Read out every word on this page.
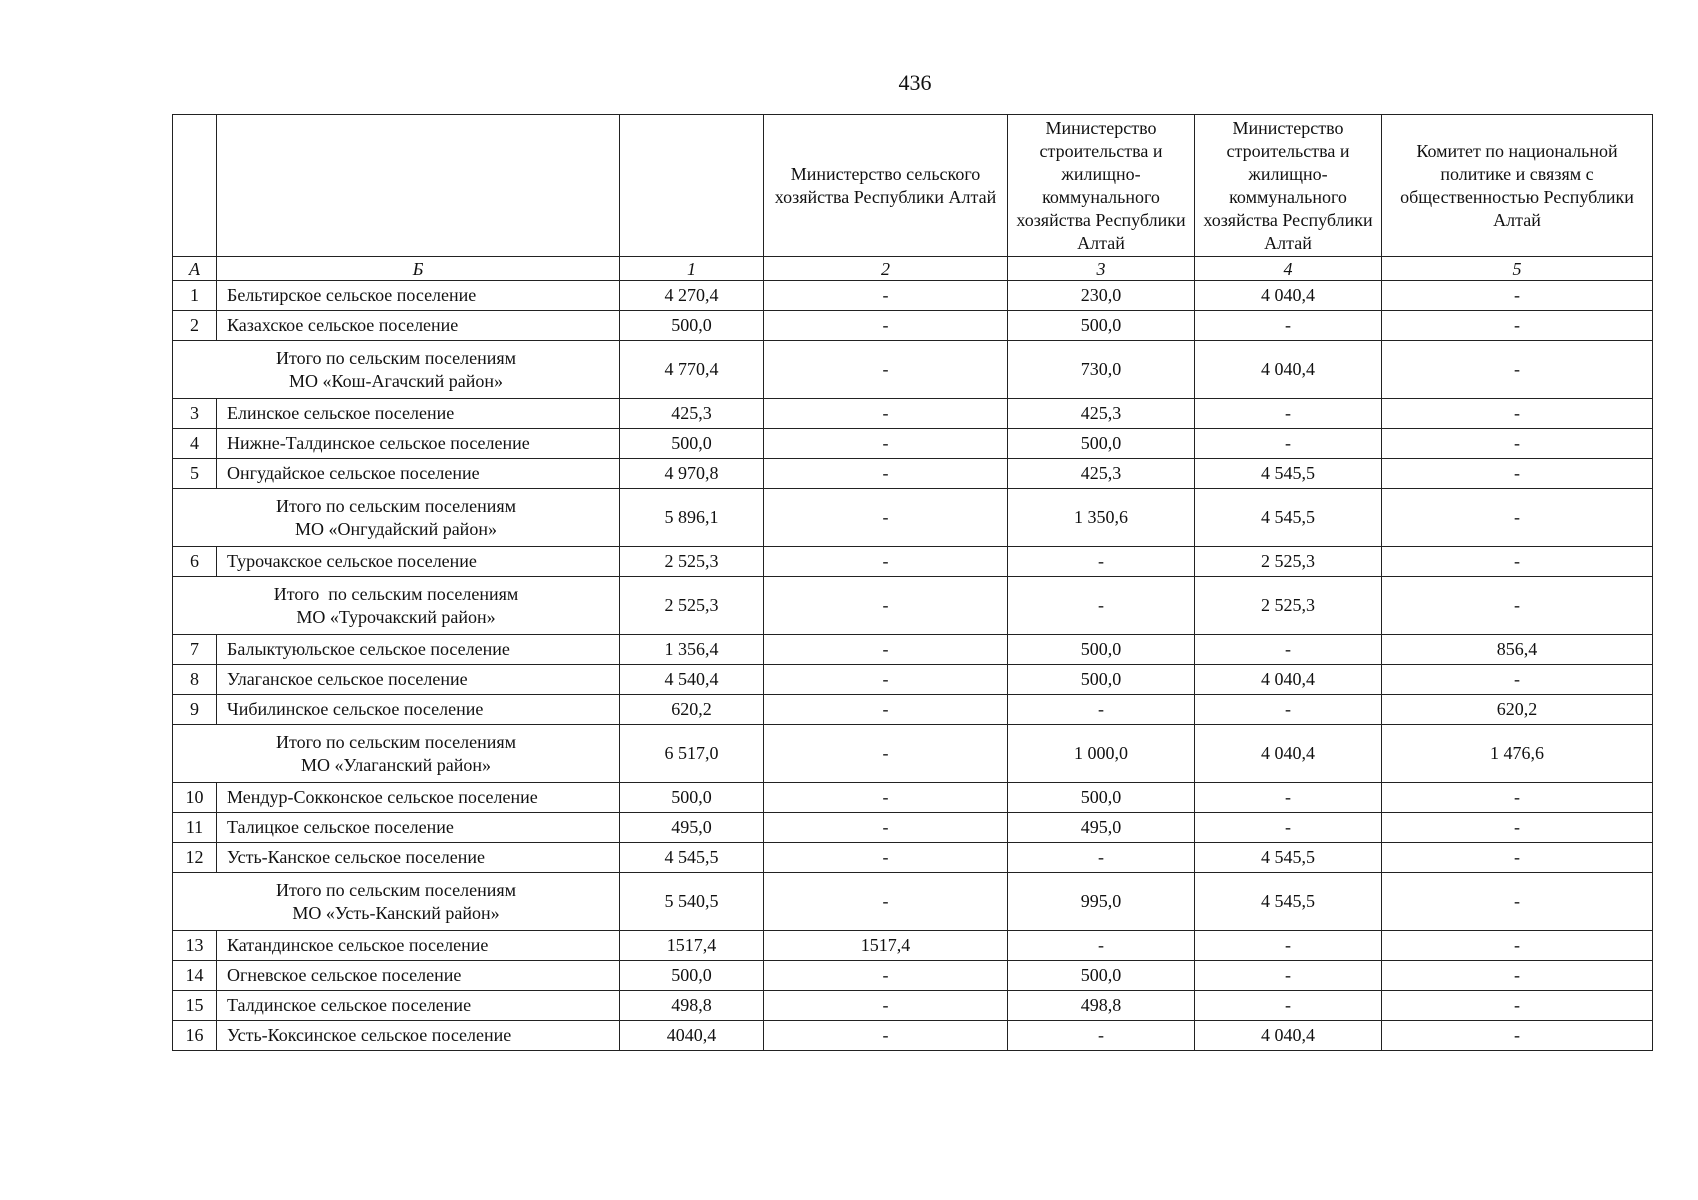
436
			Министерство сельского хозяйства Республики Алтай	Министерство строительства и жилищно-коммунального хозяйства Республики Алтай	Министерство строительства и жилищно-коммунального хозяйства Республики Алтай	Комитет по национальной политике и связям с общественностью Республики Алтай
А	Б	1	2	3	4	5
1	Бельтирское сельское поселение	4 270,4	-	230,0	4 040,4	-
2	Казахское сельское поселение	500,0	-	500,0	-	-

Итого по сельским поселениям
МО «Кош-Агачский район»		4 770,4	-	730,0	4 040,4	-
3	Елинское сельское поселение	425,3	-	425,3	-	-
4	Нижне-Талдинское сельское поселение	500,0	-	500,0	-	-
5	Онгудайское сельское поселение	4 970,8	-	425,3	4 545,5	-

Итого по сельским поселениям
МО «Онгудайский район»		5 896,1	-	1 350,6	4 545,5	-
6	Турочакское сельское поселение	2 525,3	-	-	2 525,3	-

Итого  по сельским поселениям
МО «Турочакский район»		2 525,3	-	-	2 525,3	-
7	Балыктуюльское сельское поселение	1 356,4	-	500,0	-	856,4
8	Улаганское сельское поселение	4 540,4	-	500,0	4 040,4	-
9	Чибилинское сельское поселение	620,2	-	-	-	620,2

Итого по сельским поселениям
МО «Улаганский район»		6 517,0	-	1 000,0	4 040,4	1 476,6
10	Мендур-Сокконское сельское поселение	500,0	-	500,0	-	-
11	Талицкое сельское поселение	495,0	-	495,0	-	-
12	Усть-Канское сельское поселение	4 545,5	-	-	4 545,5	-

Итого по сельским поселениям
МО «Усть-Канский район»		5 540,5	-	995,0	4 545,5	-
13	Катандинское сельское поселение	1517,4	1517,4	-	-	-
14	Огневское сельское поселение	500,0	-	500,0	-	-
15	Талдинское сельское поселение	498,8	-	498,8	-	-
16	Усть-Коксинское сельское поселение	4040,4	-	-	4 040,4	-
